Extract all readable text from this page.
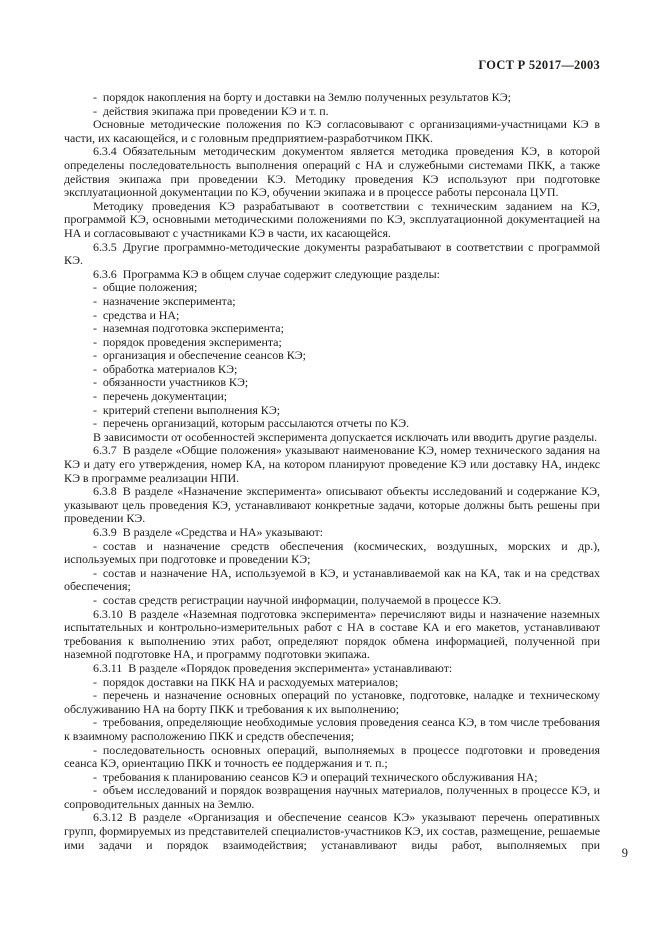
ГОСТ Р 52017—2003

- порядок накопления на борту и доставки на Землю полученных результатов КЭ;

- действия экипажа при проведении КЭ и т. п.

Основные методические положения по КЭ согласовывают с организациями-участницами КЭ в части, их касающейся, и с головным предприятием-разработчиком ПКК.

6.3.4 Обязательным методическим документом является методика проведения КЭ, в которой определены последовательность выполнения операций с НА и служебными системами ПКК, а также действия экипажа при проведении КЭ. Методику проведения КЭ используют при подготовке эксплуатационной документации по КЭ, обучении экипажа и в процессе работы персонала ЦУП.

Методику проведения КЭ разрабатывают в соответствии с техническим заданием на КЭ, программой КЭ, основными методическими положениями по КЭ, эксплуатационной документацией на НА и согласовывают с участниками КЭ в части, их касающейся.

6.3.5 Другие программно-методические документы разрабатывают в соответствии с программой КЭ.

6.3.6 Программа КЭ в общем случае содержит следующие разделы:

- общие положения;

- назначение эксперимента;

- средства и НА;

- наземная подготовка эксперимента;

- порядок проведения эксперимента;

- организация и обеспечение сеансов КЭ;

- обработка материалов КЭ;

- обязанности участников КЭ;

- перечень документации;

- критерий степени выполнения КЭ;

- перечень организаций, которым рассылаются отчеты по КЭ.

В зависимости от особенностей эксперимента допускается исключать или вводить другие разделы.

6.3.7 В разделе «Общие положения» указывают наименование КЭ, номер технического задания на КЭ и дату его утверждения, номер КА, на котором планируют проведение КЭ или доставку НА, индекс КЭ в программе реализации НПИ.

6.3.8 В разделе «Назначение эксперимента» описывают объекты исследований и содержание КЭ, указывают цель проведения КЭ, устанавливают конкретные задачи, которые должны быть решены при проведении КЭ.

6.3.9 В разделе «Средства и НА» указывают:

- состав и назначение средств обеспечения (космических, воздушных, морских и др.), используемых при подготовке и проведении КЭ;

- состав и назначение НА, используемой в КЭ, и устанавливаемой как на КА, так и на средствах обеспечения;

- состав средств регистрации научной информации, получаемой в процессе КЭ.

6.3.10 В разделе «Наземная подготовка эксперимента» перечисляют виды и назначение наземных испытательных и контрольно-измерительных работ с НА в составе КА и его макетов, устанавливают требования к выполнению этих работ, определяют порядок обмена информацией, полученной при наземной подготовке НА, и программу подготовки экипажа.

6.3.11 В разделе «Порядок проведения эксперимента» устанавливают:

- порядок доставки на ПКК НА и расходуемых материалов;

- перечень и назначение основных операций по установке, подготовке, наладке и техническому обслуживанию НА на борту ПКК и требования к их выполнению;

- требования, определяющие необходимые условия проведения сеанса КЭ, в том числе требования к взаимному расположению ПКК и средств обеспечения;

- последовательность основных операций, выполняемых в процессе подготовки и проведения сеанса КЭ, ориентацию ПКК и точность ее поддержания и т. п.;

- требования к планированию сеансов КЭ и операций технического обслуживания НА;

- объем исследований и порядок возвращения научных материалов, полученных в процессе КЭ, и сопроводительных данных на Землю.

6.3.12 В разделе «Организация и обеспечение сеансов КЭ» указывают перечень оперативных групп, формируемых из представителей специалистов-участников КЭ, их состав, размещение, решаемые ими задачи и порядок взаимодействия; устанавливают виды работ, выполняемых при

9
